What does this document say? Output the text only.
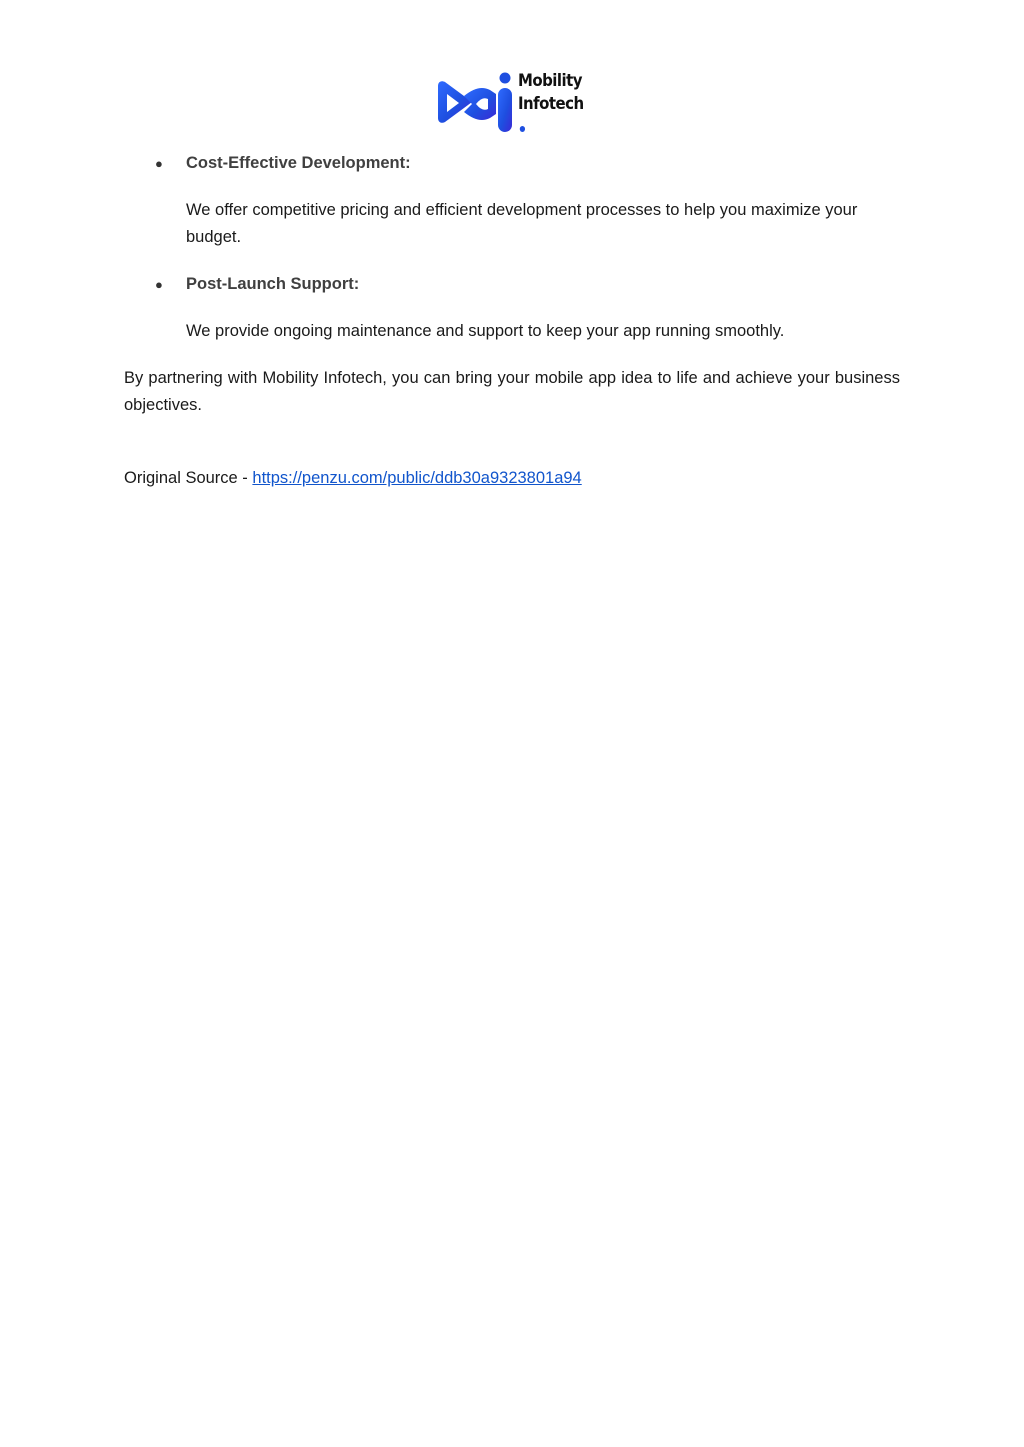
Mobility
Infotech

● Cost-Effective Development:

We offer competitive pricing and efficient development processes to help you maximize your budget.

● Post-Launch Support:

We provide ongoing maintenance and support to keep your app running smoothly.

By partnering with Mobility Infotech, you can bring your mobile app idea to life and achieve your business objectives.

Original Source - https://penzu.com/public/ddb30a9323801a94
